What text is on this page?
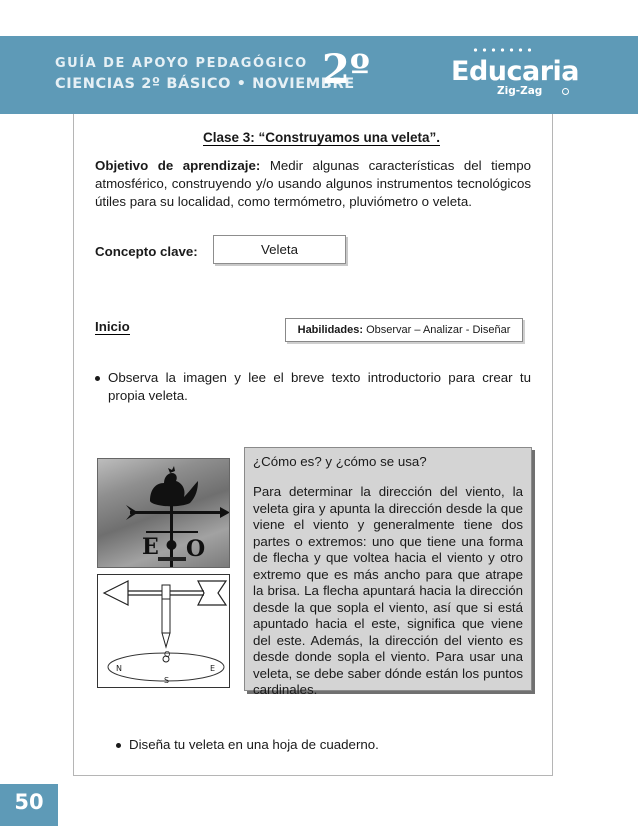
GUÍA DE APOYO PEDAGÓGICO
CIENCIAS 2º BÁSICO • NOVIEMBRE
2º	Educaria
Zig-Zag
Clase 3: “Construyamos una veleta”.
Objetivo de aprendizaje: Medir algunas características del tiempo atmosférico, construyendo y/o usando algunos instrumentos tecnológicos útiles para su localidad, como termómetro, pluviómetro o veleta.
Concepto clave:	Veleta
Inicio	Habilidades: Observar – Analizar - Diseñar
Observa la imagen y lee el breve texto introductorio para crear tu propia veleta.
E O
N
S
E
O
¿Cómo es? y ¿cómo se usa?
Para determinar la dirección del viento, la veleta gira y apunta la dirección desde la que viene el viento y generalmente tiene dos partes o extremos: uno que tiene una forma de flecha y que voltea hacia el viento y otro extremo que es más ancho para que atrape la brisa. La flecha apuntará hacia la dirección desde la que sopla el viento, así que si está apuntado hacia el este, significa que viene del este. Además, la dirección del viento es desde donde sopla el viento. Para usar una veleta, se debe saber dónde están los puntos cardinales.
Diseña tu veleta en una hoja de cuaderno.
50
